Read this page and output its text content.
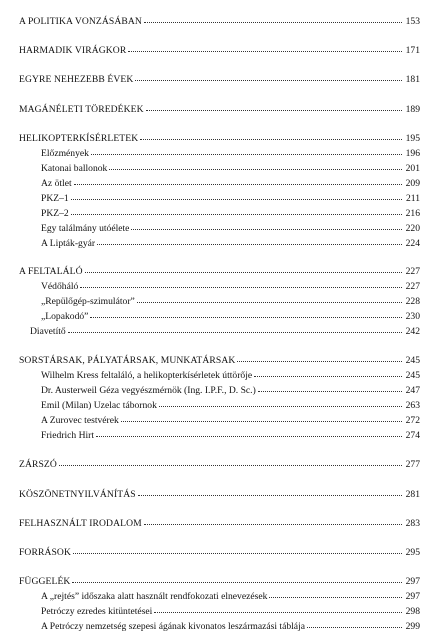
A POLITIKA VONZÁSÁBAN	153
HARMADIK VIRÁGKOR	171
EGYRE NEHEZEBB ÉVEK	181
MAGÁNÉLETI TÖREDÉKEK	189
HELIKOPTERKÍSÉRLETEK	195
Előzmények	196
Katonai ballonok	201
Az ötlet	209
PKZ–1	211
PKZ–2	216
Egy találmány utóélete	220
A Lipták-gyár	224
A FELTALÁLÓ	227
Védőháló	227
„Repülőgép-szimulátor”	228
„Lopakodó”	230
Diavetítő	242
SORSTÁRSAK, PÁLYATÁRSAK, MUNKATÁRSAK	245
Wilhelm Kress feltaláló, a helikopterkísérletek úttörője	245
Dr. Austerweil Géza vegyészmérnök (Ing. I.P.F., D. Sc.)	247
Emil (Milan) Uzelac tábornok	263
A Zurovec testvérek	272
Friedrich Hirt	274
ZÁRSZÓ	277
KÖSZÖNETNYILVÁNÍTÁS	281
FELHASZNÁLT IRODALOM	283
FORRÁSOK	295
FÜGGELÉK	297
A „rejtés” időszaka alatt használt rendfokozati elnevezések	297
Petróczy ezredes kitüntetései	298
A Petróczy nemzetség szepesi ágának kivonatos leszármazási táblája	299
